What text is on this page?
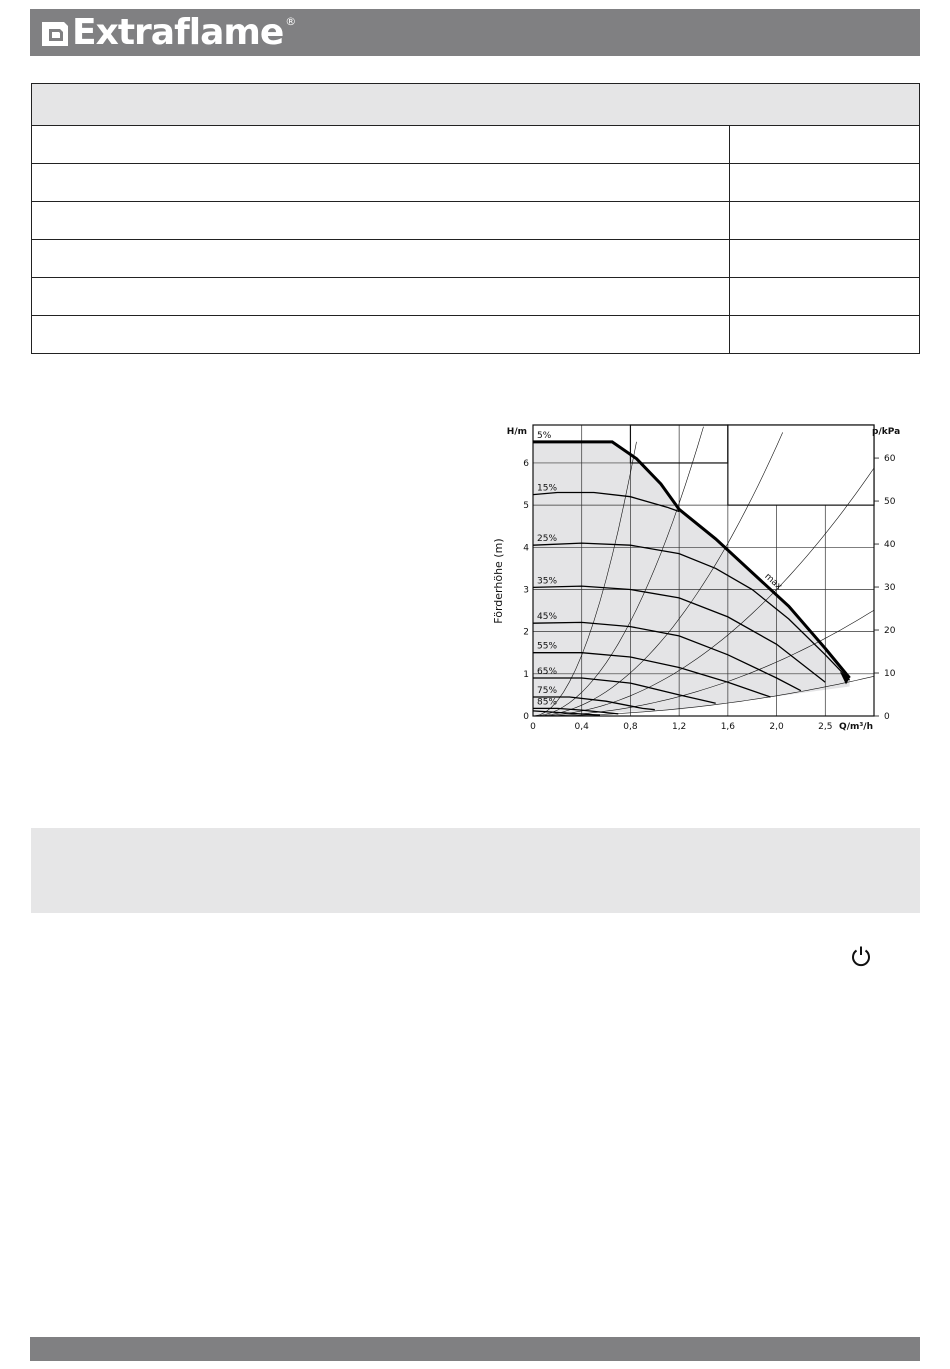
Extraflame ®

5%
15%
25%
35%
45%
55%
65%
75%
85%
max
0
1
2
3
4
5
6
0
10
20
30
40
50
60
0	0,4	0,8	1,2	1,6	2,0	2,5
H/m	p/kPa
Q/m³/h
Förderhöhe (m)
